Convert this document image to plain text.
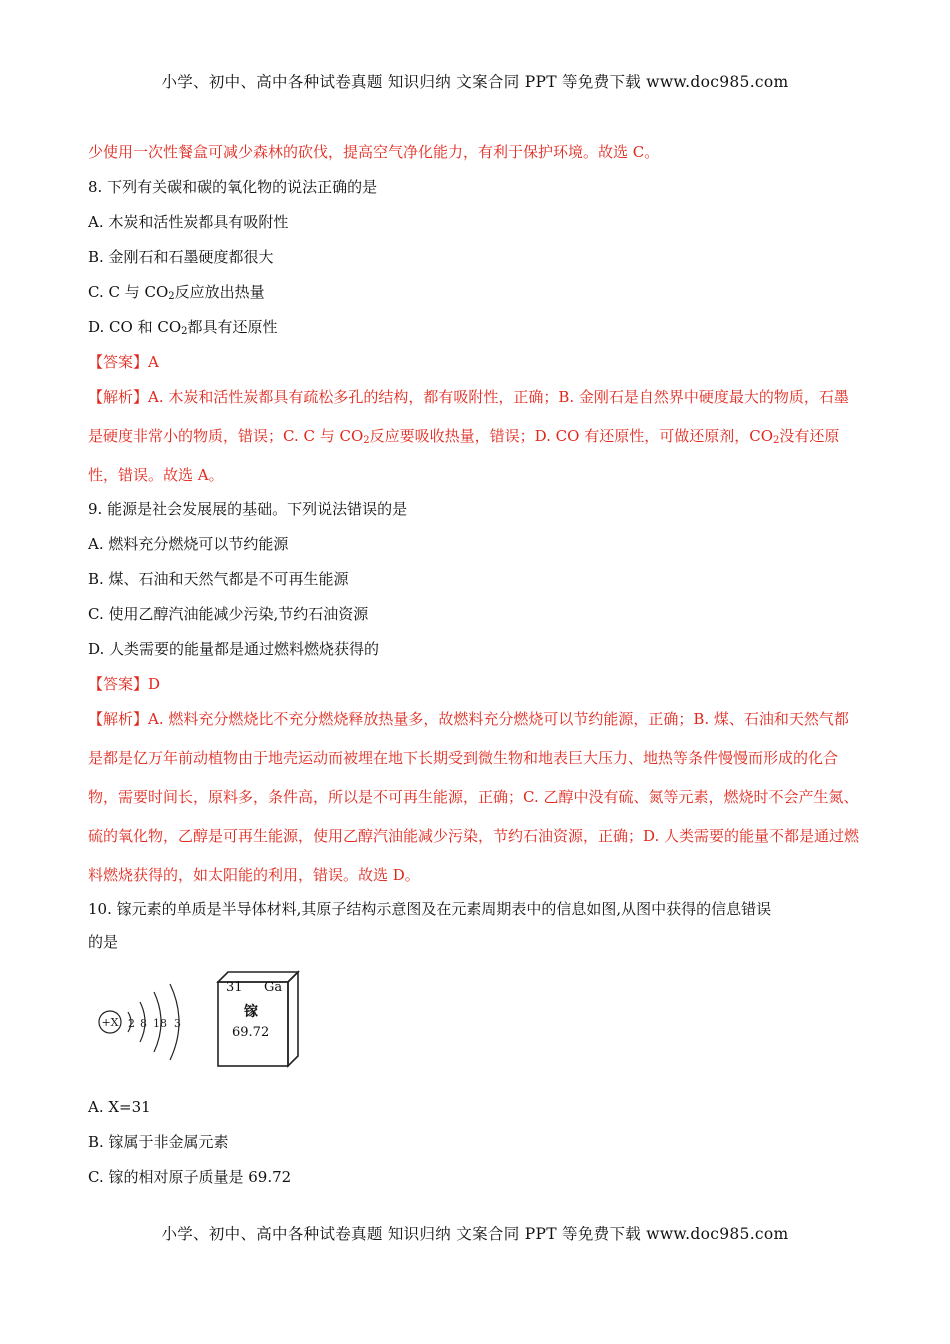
小学、初中、高中各种试卷真题 知识归纳 文案合同 PPT 等免费下载 www.doc985.com
少使用一次性餐盒可减少森林的砍伐，提高空气净化能力，有利于保护环境。故选 C。
8. 下列有关碳和碳的氧化物的说法正确的是
A. 木炭和活性炭都具有吸附性
B. 金刚石和石墨硬度都很大
C. C 与 $CO_2$反应放出热量
D. CO 和 $CO_2$都具有还原性
【答案】A
【解析】A. 木炭和活性炭都具有疏松多孔的结构，都有吸附性，正确；B. 金刚石是自然界中硬度最大的物质，石墨是硬度非常小的物质，错误；C. C 与 $CO_2$反应要吸收热量，错误；D. CO 有还原性，可做还原剂，$CO_2$没有还原性，错误。故选 A。
9. 能源是社会发展展的基础。下列说法错误的是
A. 燃料充分燃烧可以节约能源
B. 煤、石油和天然气都是不可再生能源
C. 使用乙醇汽油能减少污染,节约石油资源
D. 人类需要的能量都是通过燃料燃烧获得的
【答案】D
【解析】A. 燃料充分燃烧比不充分燃烧释放热量多，故燃料充分燃烧可以节约能源，正确；B. 煤、石油和天然气都是都是亿万年前动植物由于地壳运动而被埋在地下长期受到微生物和地表巨大压力、地热等条件慢慢而形成的化合物，需要时间长，原料多，条件高，所以是不可再生能源，正确；C. 乙醇中没有硫、氮等元素，燃烧时不会产生氮、硫的氧化物，乙醇是可再生能源，使用乙醇汽油能减少污染，节约石油资源，正确；D. 人类需要的能量不都是通过燃料燃烧获得的，如太阳能的利用，错误。故选 D。
10. 镓元素的单质是半导体材料,其原子结构示意图及在元素周期表中的信息如图,从图中获得的信息错误
的是
+X 2 8 18 3
31 Ga
镓
69.72
A. X=31
B. 镓属于非金属元素
C. 镓的相对原子质量是 69.72
小学、初中、高中各种试卷真题 知识归纳 文案合同 PPT 等免费下载 www.doc985.com
